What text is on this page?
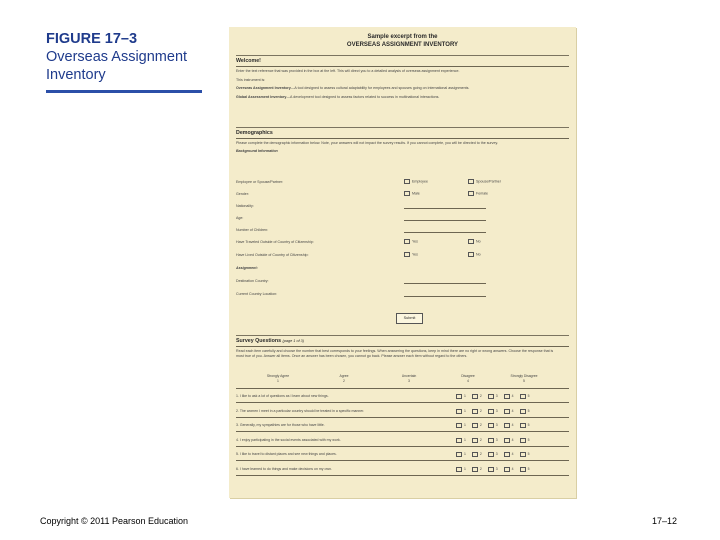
FIGURE 17–3
Overseas Assignment
Inventory
Sample excerpt from the
OVERSEAS ASSIGNMENT INVENTORY
Welcome!
Enter the text reference that was provided in the box at the left. This will direct you to a detailed analysis of overseas assignment experience.
This instrument is:
Overseas Assignment Inventory—A tool designed to assess cultural adaptability for employees and spouses going on international assignments.
Global Assessment Inventory—A development tool designed to assess factors related to success in multinational interactions.
Demographics
Please complete the demographic information below. Note, your answers will not impact the survey results. If you cannot complete, you will be directed to the survey.
Background Information
Employee or Spouse/Partner:	Employee	Spouse/Partner
Gender:	Male	Female
Nationality:
Age:
Number of Children:
Have Traveled Outside of Country of Citizenship:	Yes	No
Have Lived Outside of Country of Citizenship:	Yes	No
Assignment:
Destination Country:
Current Country Location:
Submit
Survey Questions (page 1 of 3)
Read each item carefully and choose the number that best corresponds to your feelings. When answering the questions, keep in mind there are no right or wrong answers. Choose the response that is most true of you. Answer all items. Once an answer has been chosen, you cannot go back. Please answer each item without regard to the others.
Strongly Agree
1
Agree
2
Uncertain
3
Disagree
4
Strongly Disagree
5
1. I like to ask a lot of questions as I learn about new things.	1	2	3	4	5
2. The women I meet in a particular country should be treated in a specific manner.	1	2	3	4	5
3. Generally, my sympathies are for those who have little.	1	2	3	4	5
4. I enjoy participating in the social events associated with my work.	1	2	3	4	5
5. I like to travel to distant places and see new things and places.	1	2	3	4	5
6. I have learned to do things and make decisions on my own.	1	2	3	4	5
Copyright © 2011 Pearson Education	17–12
